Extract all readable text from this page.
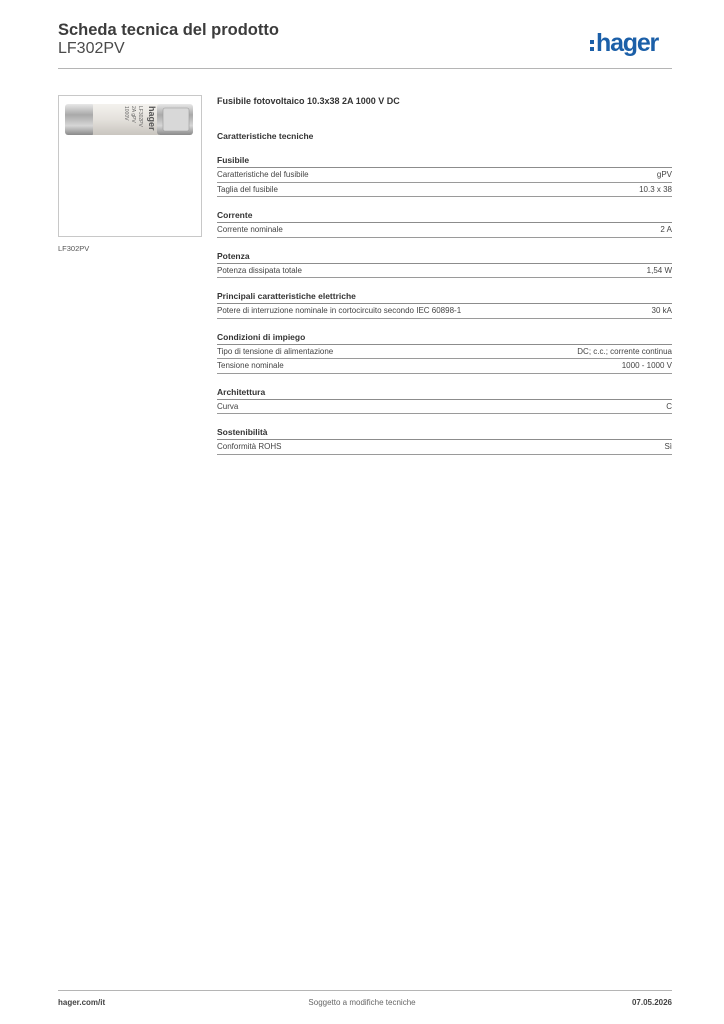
Scheda tecnica del prodotto
LF302PV	hager
hager
LF302PV
2A gPV
1000V
LF302PV
Fusibile fotovoltaico 10.3x38 2A 1000 V DC
Caratteristiche tecniche
Fusibile
Caratteristiche del fusibile	gPV
Taglia del fusibile	10.3 x 38
Corrente
Corrente nominale	2 A
Potenza
Potenza dissipata totale	1,54 W
Principali caratteristiche elettriche
Potere di interruzione nominale in cortocircuito secondo IEC 60898-1	30 kA
Condizioni di impiego
Tipo di tensione di alimentazione	DC; c.c.; corrente continua
Tensione nominale	1000 - 1000 V
Architettura
Curva	C
Sostenibilità
Conformità ROHS	Sì
hager.com/it	Soggetto a modifiche tecniche	07.05.2026
